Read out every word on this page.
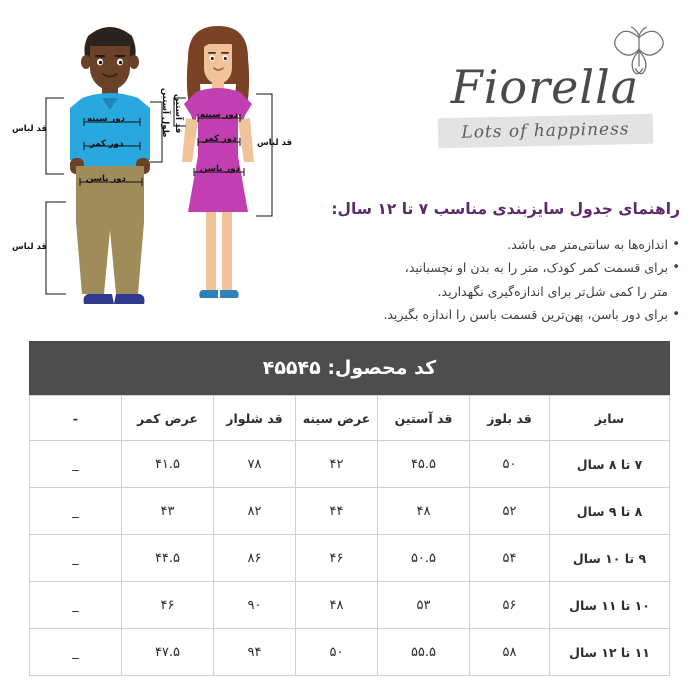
طول آستین
قد لباس
دور سینه
دور کمر
دور باسن
قد لباس
قد آستین دور سینه
دور کمر
دور باسن
قد لباس
Fiorella
Lots of happiness
راهنمای جدول سایزبندی مناسب ۷ تا ۱۲ سال:
• اندازه‌ها به سانتی‌متر می باشد.
• برای قسمت کمر کودک، متر را به بدن او نچسبانید،
متر را کمی شل‌تر برای اندازه‌گیری نگهدارید.
• برای دور باسن، پهن‌ترین قسمت باسن را اندازه بگیرید.
کد محصول: ۴۵۵۴۵						
سایز	قد بلوز	قد آستین	عرض سینه	قد شلوار	عرض کمر	-
۷ تا ۸ سال	۵۰	۴۵.۵	۴۲	۷۸	۴۱.۵	_
۸ تا ۹ سال	۵۲	۴۸	۴۴	۸۲	۴۳	_
۹ تا ۱۰ سال	۵۴	۵۰.۵	۴۶	۸۶	۴۴.۵	_
۱۰ تا ۱۱ سال	۵۶	۵۳	۴۸	۹۰	۴۶	_
۱۱ تا ۱۲ سال	۵۸	۵۵.۵	۵۰	۹۴	۴۷.۵	_
